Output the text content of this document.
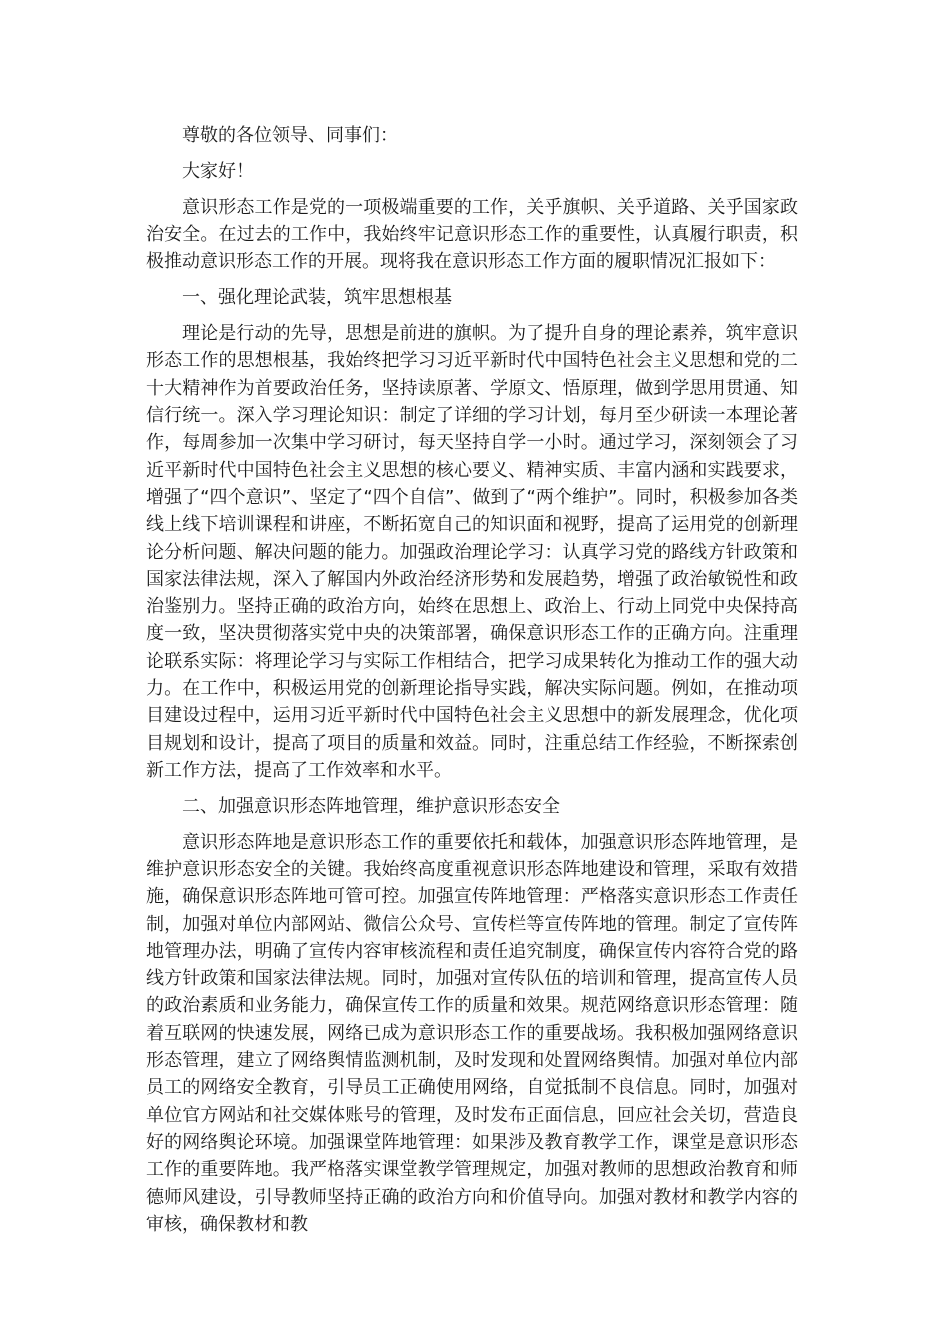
尊敬的各位领导、同事们：

大家好！

意识形态工作是党的一项极端重要的工作，关乎旗帜、关乎道路、关乎国家政治安全。在过去的工作中，我始终牢记意识形态工作的重要性，认真履行职责，积极推动意识形态工作的开展。现将我在意识形态工作方面的履职情况汇报如下：

一、强化理论武装，筑牢思想根基

理论是行动的先导，思想是前进的旗帜。为了提升自身的理论素养，筑牢意识形态工作的思想根基，我始终把学习习近平新时代中国特色社会主义思想和党的二十大精神作为首要政治任务，坚持读原著、学原文、悟原理，做到学思用贯通、知信行统一。深入学习理论知识：制定了详细的学习计划，每月至少研读一本理论著作，每周参加一次集中学习研讨，每天坚持自学一小时。通过学习，深刻领会了习近平新时代中国特色社会主义思想的核心要义、精神实质、丰富内涵和实践要求，增强了“四个意识”、坚定了“四个自信”、做到了“两个维护”。同时，积极参加各类线上线下培训课程和讲座，不断拓宽自己的知识面和视野，提高了运用党的创新理论分析问题、解决问题的能力。加强政治理论学习：认真学习党的路线方针政策和国家法律法规，深入了解国内外政治经济形势和发展趋势，增强了政治敏锐性和政治鉴别力。坚持正确的政治方向，始终在思想上、政治上、行动上同党中央保持高度一致，坚决贯彻落实党中央的决策部署，确保意识形态工作的正确方向。注重理论联系实际：将理论学习与实际工作相结合，把学习成果转化为推动工作的强大动力。在工作中，积极运用党的创新理论指导实践，解决实际问题。例如，在推动项目建设过程中，运用习近平新时代中国特色社会主义思想中的新发展理念，优化项目规划和设计，提高了项目的质量和效益。同时，注重总结工作经验，不断探索创新工作方法，提高了工作效率和水平。

二、加强意识形态阵地管理，维护意识形态安全

意识形态阵地是意识形态工作的重要依托和载体，加强意识形态阵地管理，是维护意识形态安全的关键。我始终高度重视意识形态阵地建设和管理，采取有效措施，确保意识形态阵地可管可控。加强宣传阵地管理：严格落实意识形态工作责任制，加强对单位内部网站、微信公众号、宣传栏等宣传阵地的管理。制定了宣传阵地管理办法，明确了宣传内容审核流程和责任追究制度，确保宣传内容符合党的路线方针政策和国家法律法规。同时，加强对宣传队伍的培训和管理，提高宣传人员的政治素质和业务能力，确保宣传工作的质量和效果。规范网络意识形态管理：随着互联网的快速发展，网络已成为意识形态工作的重要战场。我积极加强网络意识形态管理，建立了网络舆情监测机制，及时发现和处置网络舆情。加强对单位内部员工的网络安全教育，引导员工正确使用网络，自觉抵制不良信息。同时，加强对单位官方网站和社交媒体账号的管理，及时发布正面信息，回应社会关切，营造良好的网络舆论环境。加强课堂阵地管理：如果涉及教育教学工作，课堂是意识形态工作的重要阵地。我严格落实课堂教学管理规定，加强对教师的思想政治教育和师德师风建设，引导教师坚持正确的政治方向和价值导向。加强对教材和教学内容的审核，确保教材和教
